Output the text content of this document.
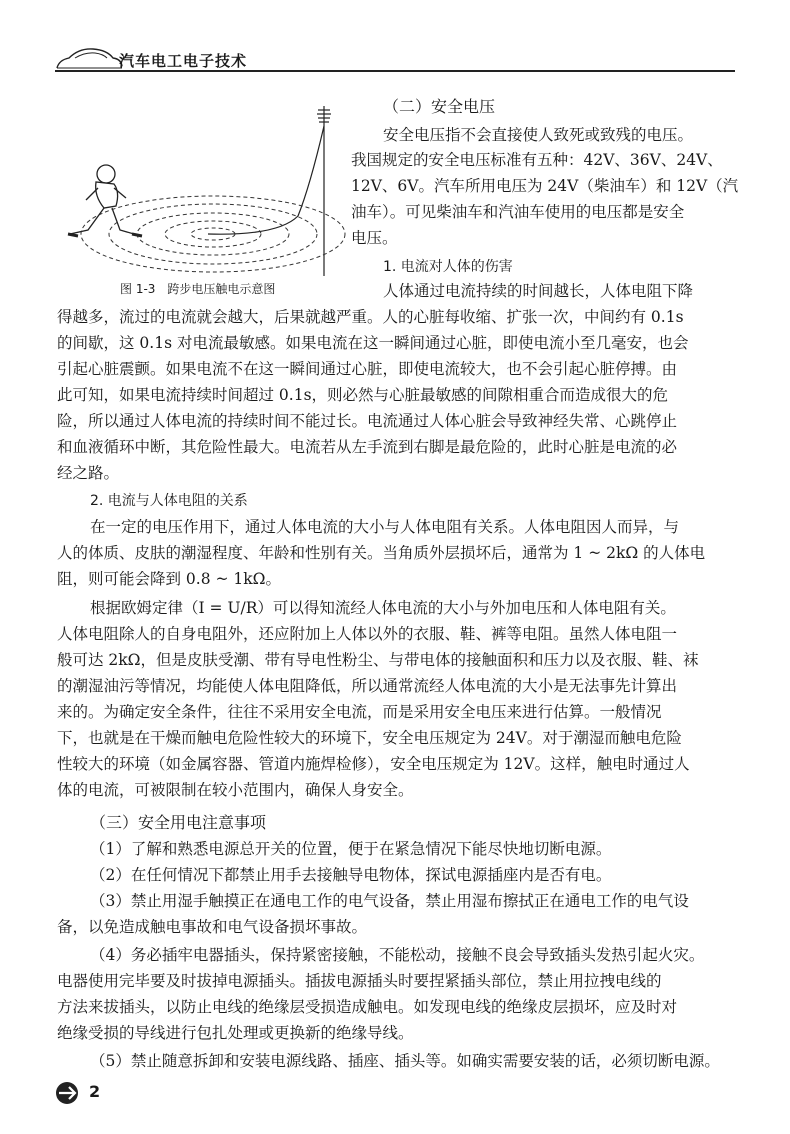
汽车电工电子技术
图 1-3　跨步电压触电示意图
（二）安全电压
安全电压指不会直接使人致死或致残的电压。
我国规定的安全电压标准有五种：42V、36V、24V、
12V、6V。汽车所用电压为 24V（柴油车）和 12V（汽
油车）。可见柴油车和汽油车使用的电压都是安全
电压。
1. 电流对人体的伤害
人体通过电流持续的时间越长，人体电阻下降
得越多，流过的电流就会越大，后果就越严重。人的心脏每收缩、扩张一次，中间约有 0.1s
的间歇，这 0.1s 对电流最敏感。如果电流在这一瞬间通过心脏，即使电流小至几毫安，也会
引起心脏震颤。如果电流不在这一瞬间通过心脏，即使电流较大，也不会引起心脏停搏。由
此可知，如果电流持续时间超过 0.1s，则必然与心脏最敏感的间隙相重合而造成很大的危
险，所以通过人体电流的持续时间不能过长。电流通过人体心脏会导致神经失常、心跳停止
和血液循环中断，其危险性最大。电流若从左手流到右脚是最危险的，此时心脏是电流的必
经之路。
2. 电流与人体电阻的关系
在一定的电压作用下，通过人体电流的大小与人体电阻有关系。人体电阻因人而异，与
人的体质、皮肤的潮湿程度、年龄和性别有关。当角质外层损坏后，通常为 1 ~ 2kΩ 的人体电
阻，则可能会降到 0.8 ~ 1kΩ。
根据欧姆定律（I = U/R）可以得知流经人体电流的大小与外加电压和人体电阻有关。
人体电阻除人的自身电阻外，还应附加上人体以外的衣服、鞋、裤等电阻。虽然人体电阻一
般可达 2kΩ，但是皮肤受潮、带有导电性粉尘、与带电体的接触面积和压力以及衣服、鞋、袜
的潮湿油污等情况，均能使人体电阻降低，所以通常流经人体电流的大小是无法事先计算出
来的。为确定安全条件，往往不采用安全电流，而是采用安全电压来进行估算。一般情况
下，也就是在干燥而触电危险性较大的环境下，安全电压规定为 24V。对于潮湿而触电危险
性较大的环境（如金属容器、管道内施焊检修），安全电压规定为 12V。这样，触电时通过人
体的电流，可被限制在较小范围内，确保人身安全。
（三）安全用电注意事项
（1）了解和熟悉电源总开关的位置，便于在紧急情况下能尽快地切断电源。
（2）在任何情况下都禁止用手去接触导电物体，探试电源插座内是否有电。
（3）禁止用湿手触摸正在通电工作的电气设备，禁止用湿布擦拭正在通电工作的电气设
备，以免造成触电事故和电气设备损坏事故。
（4）务必插牢电器插头，保持紧密接触，不能松动，接触不良会导致插头发热引起火灾。
电器使用完毕要及时拔掉电源插头。插拔电源插头时要捏紧插头部位，禁止用拉拽电线的
方法来拔插头，以防止电线的绝缘层受损造成触电。如发现电线的绝缘皮层损坏，应及时对
绝缘受损的导线进行包扎处理或更换新的绝缘导线。
（5）禁止随意拆卸和安装电源线路、插座、插头等。如确实需要安装的话，必须切断电源。
2
